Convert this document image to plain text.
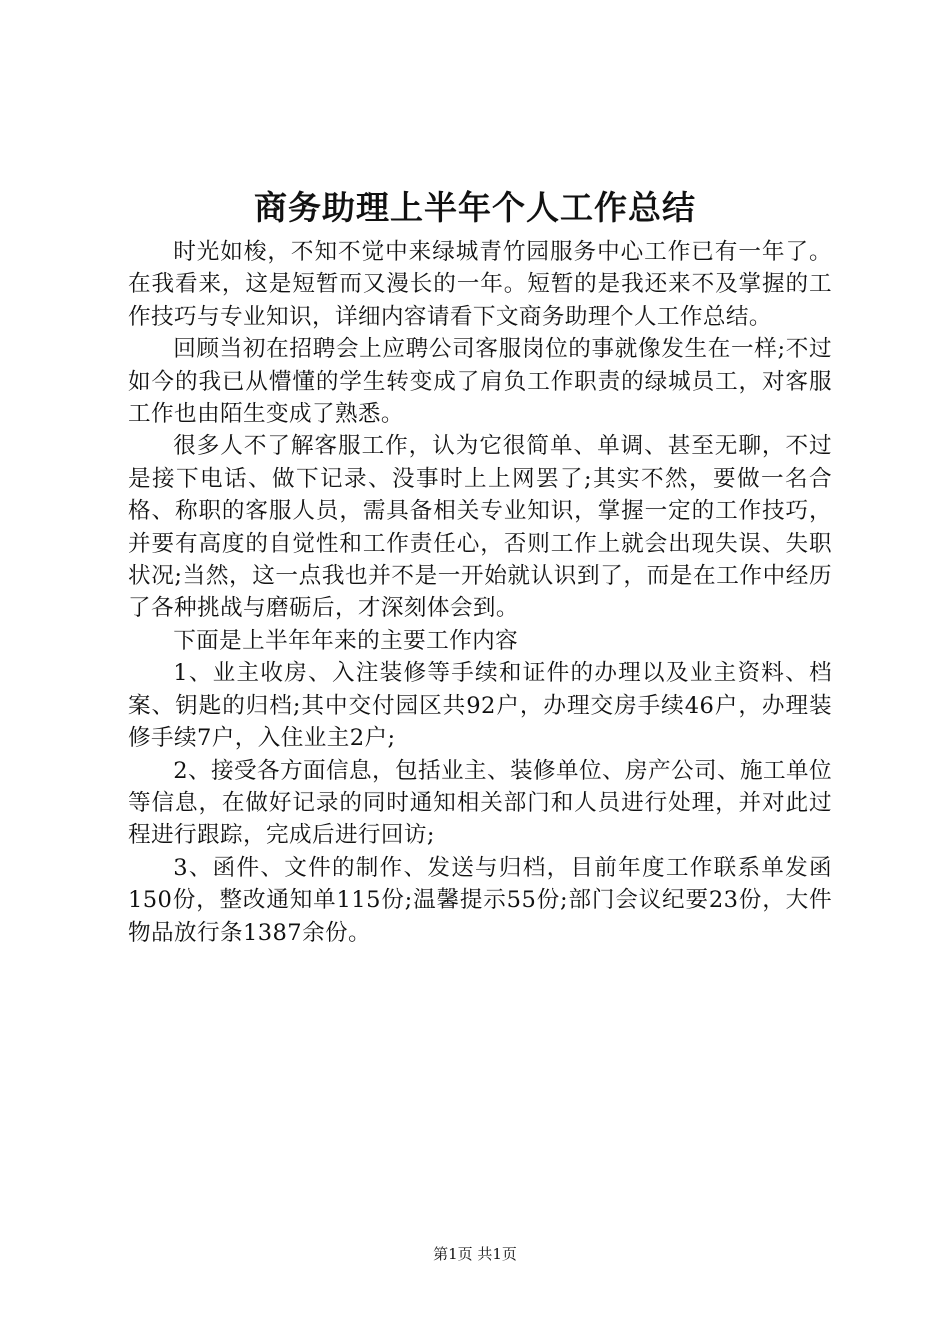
商务助理上半年个人工作总结

时光如梭，不知不觉中来绿城青竹园服务中心工作已有一年了。在我看来，这是短暂而又漫长的一年。短暂的是我还来不及掌握的工作技巧与专业知识，详细内容请看下文商务助理个人工作总结。

回顾当初在招聘会上应聘公司客服岗位的事就像发生在一样;不过如今的我已从懵懂的学生转变成了肩负工作职责的绿城员工，对客服工作也由陌生变成了熟悉。

很多人不了解客服工作，认为它很简单、单调、甚至无聊，不过是接下电话、做下记录、没事时上上网罢了;其实不然，要做一名合格、称职的客服人员，需具备相关专业知识，掌握一定的工作技巧，并要有高度的自觉性和工作责任心，否则工作上就会出现失误、失职状况;当然，这一点我也并不是一开始就认识到了，而是在工作中经历了各种挑战与磨砺后，才深刻体会到。

下面是上半年年来的主要工作内容

1、业主收房、入注装修等手续和证件的办理以及业主资料、档案、钥匙的归档;其中交付园区共92户，办理交房手续46户，办理装修手续7户，入住业主2户;

2、接受各方面信息，包括业主、装修单位、房产公司、施工单位等信息，在做好记录的同时通知相关部门和人员进行处理，并对此过程进行跟踪，完成后进行回访;

3、函件、文件的制作、发送与归档，目前年度工作联系单发函150份，整改通知单115份;温馨提示55份;部门会议纪要23份，大件物品放行条1387余份。

第1页 共1页
